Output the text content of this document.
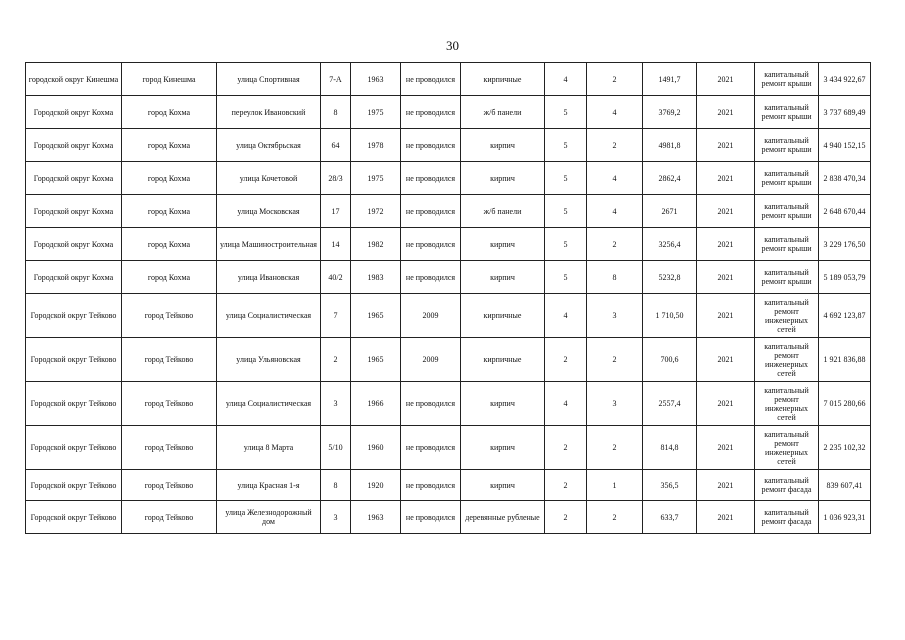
30
городской округ Кинешма	город Кинешма	улица Спортивная	7-А	1963	не проводился	кирпичные	4	2	1491,7	2021	капитальный ремонт крыши	3 434 922,67
Городской округ Кохма	город Кохма	переулок Ивановский	8	1975	не проводился	ж/б панели	5	4	3769,2	2021	капитальный ремонт крыши	3 737 689,49
Городской округ Кохма	город Кохма	улица Октябрьская	64	1978	не проводился	кирпич	5	2	4981,8	2021	капитальный ремонт крыши	4 940 152,15
Городской округ Кохма	город Кохма	улица Кочетовой	28/3	1975	не проводился	кирпич	5	4	2862,4	2021	капитальный ремонт крыши	2 838 470,34
Городской округ Кохма	город Кохма	улица Московская	17	1972	не проводился	ж/б панели	5	4	2671	2021	капитальный ремонт крыши	2 648 670,44
Городской округ Кохма	город Кохма	улица Машиностроительная	14	1982	не проводился	кирпич	5	2	3256,4	2021	капитальный ремонт крыши	3 229 176,50
Городской округ Кохма	город Кохма	улица Ивановская	40/2	1983	не проводился	кирпич	5	8	5232,8	2021	капитальный ремонт крыши	5 189 053,79
Городской округ Тейково	город Тейково	улица Социалистическая	7	1965	2009	кирпичные	4	3	1 710,50	2021	капитальный ремонт инженерных сетей	4 692 123,87
Городской округ Тейково	город Тейково	улица Ульяновская	2	1965	2009	кирпичные	2	2	700,6	2021	капитальный ремонт инженерных сетей	1 921 836,88
Городской округ Тейково	город Тейково	улица Социалистическая	3	1966	не проводился	кирпич	4	3	2557,4	2021	капитальный ремонт инженерных сетей	7 015 280,66
Городской округ Тейково	город Тейково	улица 8 Марта	5/10	1960	не проводился	кирпич	2	2	814,8	2021	капитальный ремонт инженерных сетей	2 235 102,32
Городской округ Тейково	город Тейково	улица Красная 1-я	8	1920	не проводился	кирпич	2	1	356,5	2021	капитальный ремонт фасада	839 607,41
Городской округ Тейково	город Тейково	улица Железнодорожный дом	3	1963	не проводился	деревянные рубленые	2	2	633,7	2021	капитальный ремонт фасада	1 036 923,31
